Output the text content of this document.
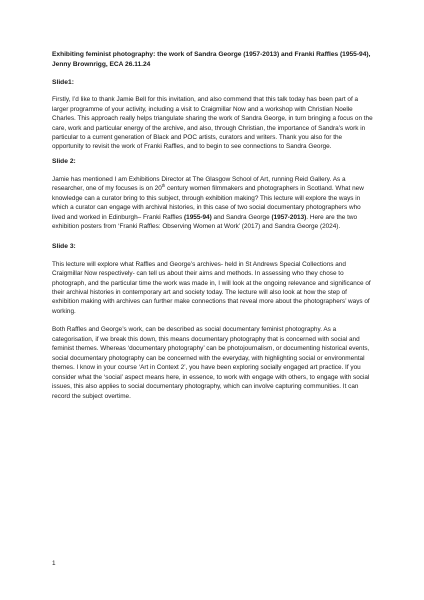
Exhibiting feminist photography: the work of Sandra George (1957-2013) and Franki Raffles (1955-94), Jenny Brownrigg, ECA 26.11.24

Slide1:

Firstly, I’d like to thank Jamie Bell for this invitation, and also commend that this talk today has been part of a larger programme of your activity, including a visit to Craigmillar Now and a workshop with Christian Noelle Charles. This approach really helps triangulate sharing the work of Sandra George, in turn bringing a focus on the care, work and particular energy of the archive, and also, through Christian, the importance of Sandra’s work in particular to a current generation of Black and POC artists, curators and writers. Thank you also for the opportunity to revisit the work of Franki Raffles, and to begin to see connections to Sandra George.

Slide 2:

Jamie has mentioned I am Exhibitions Director at The Glasgow School of Art, running Reid Gallery. As a researcher, one of my focuses is on 20th century women filmmakers and photographers in Scotland. What new knowledge can a curator bring to this subject, through exhibition making? This lecture will explore the ways in which a curator can engage with archival histories, in this case of two social documentary photographers who lived and worked in Edinburgh– Franki Raffles (1955-94) and Sandra George (1957-2013). Here are the two exhibition posters from ‘Franki Raffles: Observing Women at Work’ (2017) and Sandra George (2024).

Slide 3:

This lecture will explore what Raffles and George’s archives- held in St Andrews Special Collections and Craigmillar Now respectively- can tell us about their aims and methods. In assessing who they chose to photograph, and the particular time the work was made in, I will look at the ongoing relevance and significance of their archival histories in contemporary art and society today. The lecture will also look at how the step of exhibition making with archives can further make connections that reveal more about the photographers’ ways of working.

Both Raffles and George’s work, can be described as social documentary feminist photography. As a categorisation, if we break this down, this means documentary photography that is concerned with social and feminist themes. Whereas ‘documentary photography’ can be photojournalism, or documenting historical events, social documentary photography can be concerned with the everyday, with highlighting social or environmental themes. I know in your course ‘Art in Context 2’, you have been exploring socially engaged art practice. If you consider what the ‘social’ aspect means here, in essence, to work with engage with others, to engage with social issues, this also applies to social documentary photography, which can involve capturing communities. It can record the subject overtime.

1
